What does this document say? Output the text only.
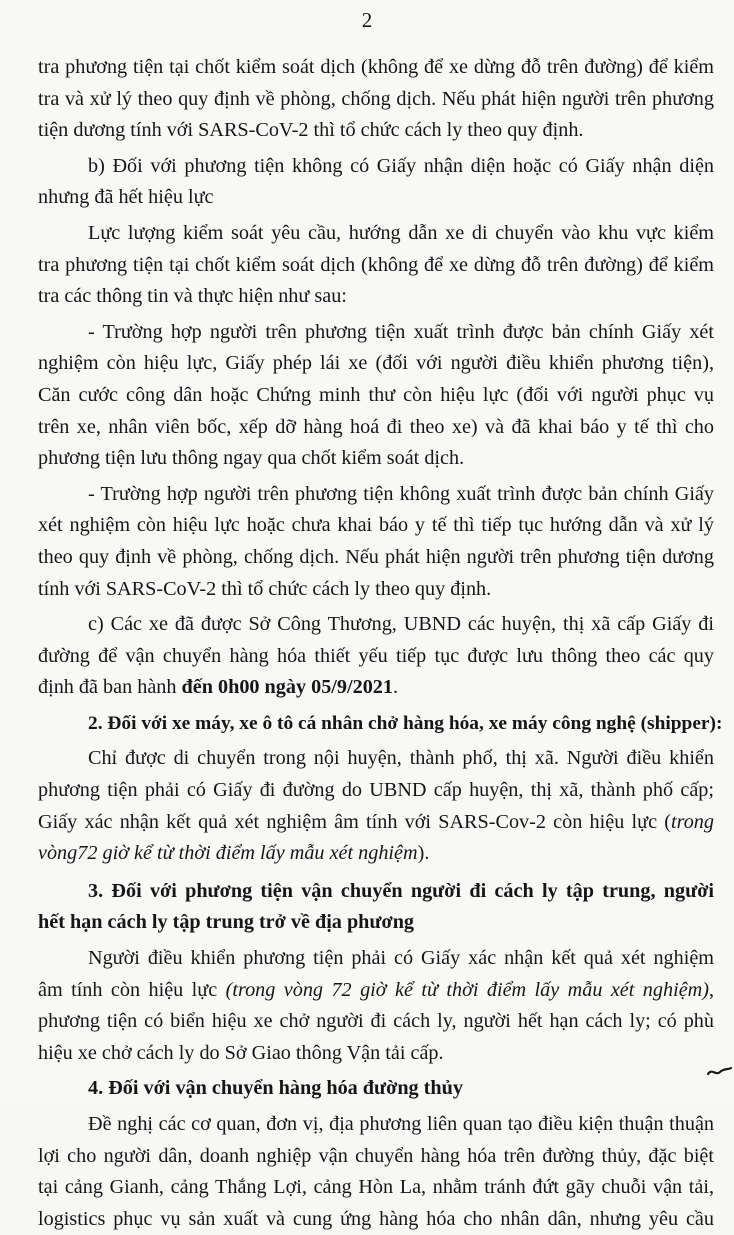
2
tra phương tiện tại chốt kiểm soát dịch (không để xe dừng đỗ trên đường) để kiểm
tra và xử lý theo quy định về phòng, chống dịch. Nếu phát hiện người trên phương
tiện dương tính với SARS-CoV-2 thì tổ chức cách ly theo quy định.
b) Đối với phương tiện không có Giấy nhận diện hoặc có Giấy nhận diện
nhưng đã hết hiệu lực
Lực lượng kiểm soát yêu cầu, hướng dẫn xe di chuyển vào khu vực kiểm
tra phương tiện tại chốt kiểm soát dịch (không để xe dừng đỗ trên đường) để kiểm
tra các thông tin và thực hiện như sau:
- Trường hợp người trên phương tiện xuất trình được bản chính Giấy xét
nghiệm còn hiệu lực, Giấy phép lái xe (đối với người điều khiển phương tiện),
Căn cước công dân hoặc Chứng minh thư còn hiệu lực (đối với người phục vụ
trên xe, nhân viên bốc, xếp dỡ hàng hoá đi theo xe) và đã khai báo y tế thì cho
phương tiện lưu thông ngay qua chốt kiểm soát dịch.
- Trường hợp người trên phương tiện không xuất trình được bản chính Giấy
xét nghiệm còn hiệu lực hoặc chưa khai báo y tế thì tiếp tục hướng dẫn và xử lý
theo quy định về phòng, chống dịch. Nếu phát hiện người trên phương tiện dương
tính với SARS-CoV-2 thì tổ chức cách ly theo quy định.
c) Các xe đã được Sở Công Thương, UBND các huyện, thị xã cấp Giấy đi
đường để vận chuyển hàng hóa thiết yếu tiếp tục được lưu thông theo các quy
định đã ban hành đến 0h00 ngày 05/9/2021.
2. Đối với xe máy, xe ô tô cá nhân chở hàng hóa, xe máy công nghệ (shipper):
Chỉ được di chuyển trong nội huyện, thành phố, thị xã. Người điều khiển
phương tiện phải có Giấy đi đường do UBND cấp huyện, thị xã, thành phố cấp;
Giấy xác nhận kết quả xét nghiệm âm tính với SARS-Cov-2 còn hiệu lực (trong
vòng72 giờ kể từ thời điểm lấy mẫu xét nghiệm).
3. Đối với phương tiện vận chuyển người đi cách ly tập trung, người
hết hạn cách ly tập trung trở về địa phương
Người điều khiển phương tiện phải có Giấy xác nhận kết quả xét nghiệm
âm tính còn hiệu lực (trong vòng 72 giờ kể từ thời điểm lấy mẫu xét nghiệm),
phương tiện có biển hiệu xe chở người đi cách ly, người hết hạn cách ly; có phù
hiệu xe chở cách ly do Sở Giao thông Vận tải cấp.
4. Đối với vận chuyển hàng hóa đường thủy
Đề nghị các cơ quan, đơn vị, địa phương liên quan tạo điều kiện thuận thuận
lợi cho người dân, doanh nghiệp vận chuyển hàng hóa trên đường thủy, đặc biệt
tại cảng Gianh, cảng Thắng Lợi, cảng Hòn La, nhằm tránh đứt gãy chuỗi vận tải,
logistics phục vụ sản xuất và cung ứng hàng hóa cho nhân dân, nhưng yêu cầu
